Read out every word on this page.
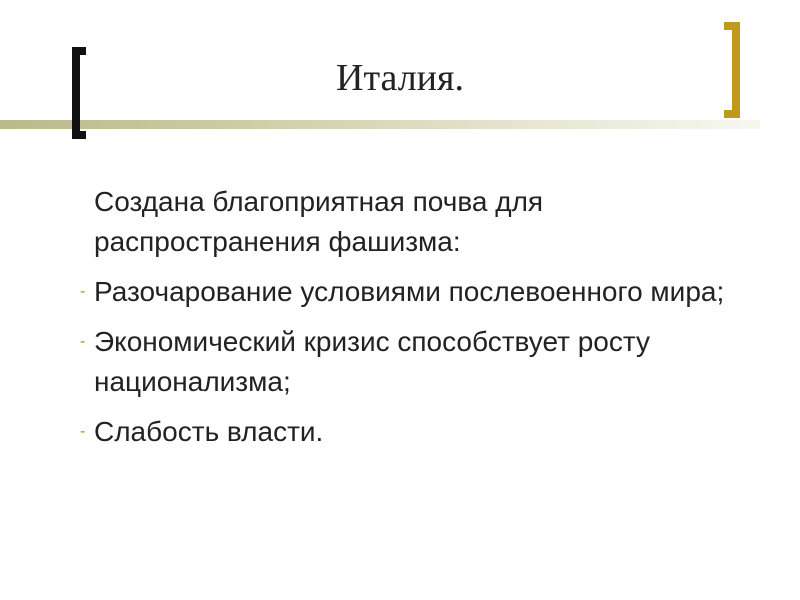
Италия.

Создана благоприятная почва для распространения фашизма:

- Разочарование условиями послевоенного мира;
- Экономический кризис способствует росту национализма;
- Слабость власти.
